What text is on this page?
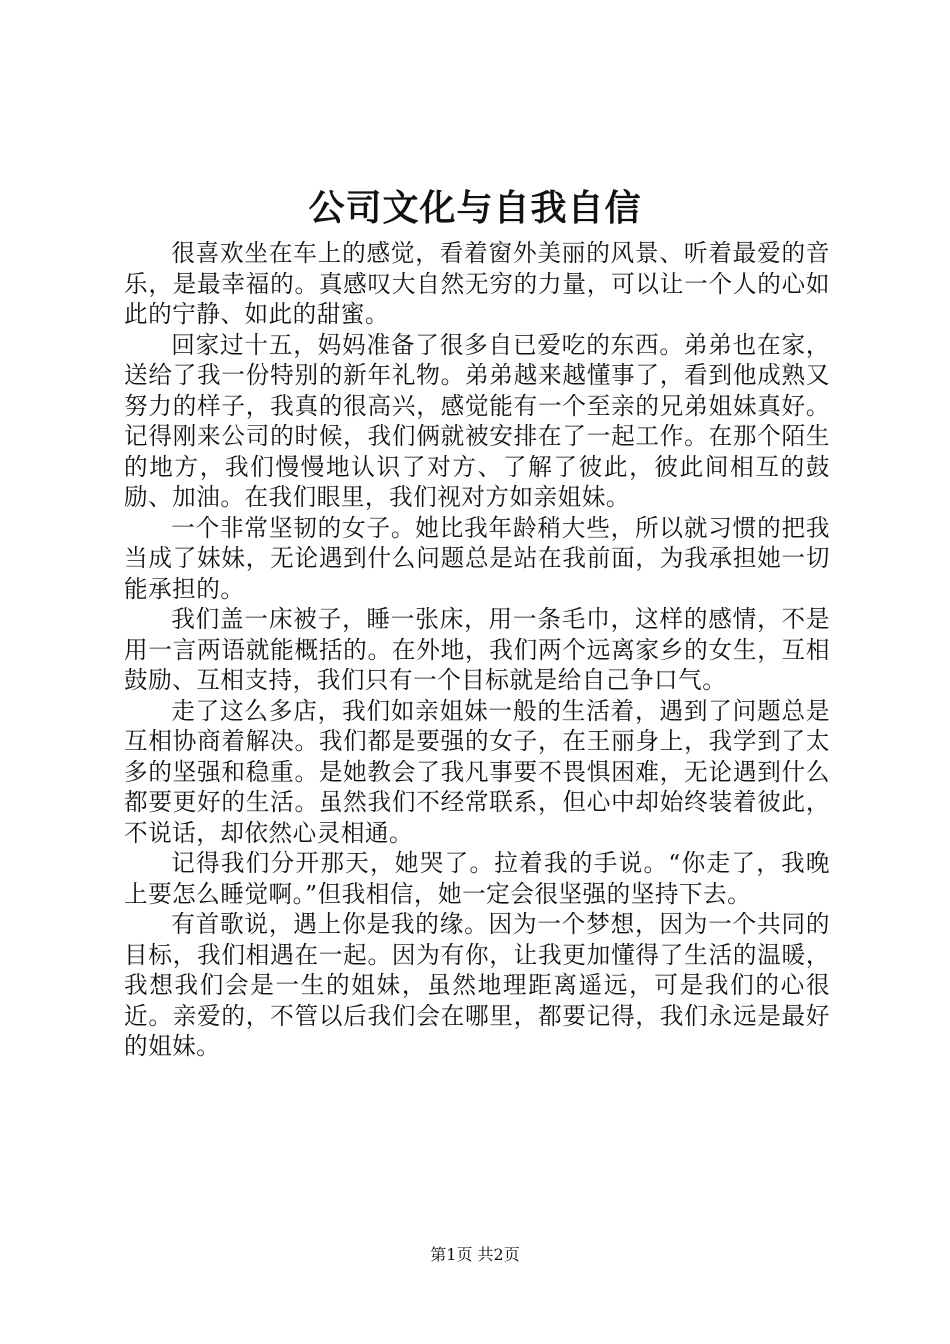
公司文化与自我自信

很喜欢坐在车上的感觉，看着窗外美丽的风景、听着最爱的音乐，是最幸福的。真感叹大自然无穷的力量，可以让一个人的心如此的宁静、如此的甜蜜。

回家过十五，妈妈准备了很多自已爱吃的东西。弟弟也在家，送给了我一份特别的新年礼物。弟弟越来越懂事了，看到他成熟又努力的样子，我真的很高兴，感觉能有一个至亲的兄弟姐妹真好。记得刚来公司的时候，我们俩就被安排在了一起工作。在那个陌生的地方，我们慢慢地认识了对方、了解了彼此，彼此间相互的鼓励、加油。在我们眼里，我们视对方如亲姐妹。

一个非常坚韧的女子。她比我年龄稍大些，所以就习惯的把我当成了妹妹，无论遇到什么问题总是站在我前面，为我承担她一切能承担的。

我们盖一床被子，睡一张床，用一条毛巾，这样的感情，不是用一言两语就能概括的。在外地，我们两个远离家乡的女生，互相鼓励、互相支持，我们只有一个目标就是给自己争口气。

走了这么多店，我们如亲姐妹一般的生活着，遇到了问题总是互相协商着解决。我们都是要强的女子，在王丽身上，我学到了太多的坚强和稳重。是她教会了我凡事要不畏惧困难，无论遇到什么都要更好的生活。虽然我们不经常联系，但心中却始终装着彼此，不说话，却依然心灵相通。

记得我们分开那天，她哭了。拉着我的手说。“你走了，我晚上要怎么睡觉啊。”但我相信，她一定会很坚强的坚持下去。

有首歌说，遇上你是我的缘。因为一个梦想，因为一个共同的目标，我们相遇在一起。因为有你，让我更加懂得了生活的温暖，我想我们会是一生的姐妹，虽然地理距离遥远，可是我们的心很近。亲爱的，不管以后我们会在哪里，都要记得，我们永远是最好的姐妹。

第1页 共2页
